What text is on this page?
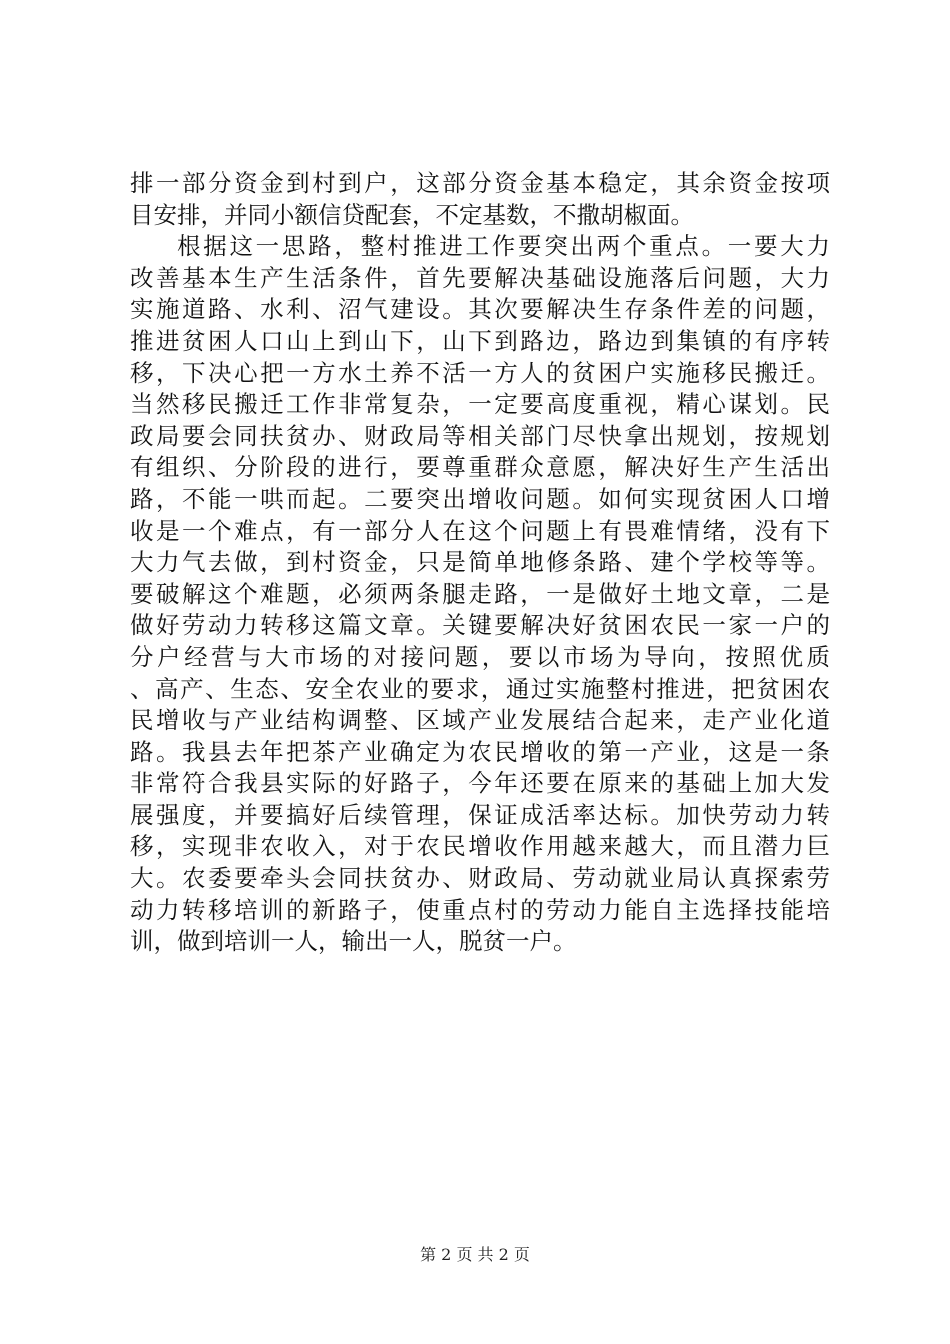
排一部分资金到村到户，这部分资金基本稳定，其余资金按项
目安排，并同小额信贷配套，不定基数，不撒胡椒面。
根据这一思路，整村推进工作要突出两个重点。一要大力
改善基本生产生活条件，首先要解决基础设施落后问题，大力
实施道路、水利、沼气建设。其次要解决生存条件差的问题，
推进贫困人口山上到山下，山下到路边，路边到集镇的有序转
移，下决心把一方水土养不活一方人的贫困户实施移民搬迁。
当然移民搬迁工作非常复杂，一定要高度重视，精心谋划。民
政局要会同扶贫办、财政局等相关部门尽快拿出规划，按规划
有组织、分阶段的进行，要尊重群众意愿，解决好生产生活出
路，不能一哄而起。二要突出增收问题。如何实现贫困人口增
收是一个难点，有一部分人在这个问题上有畏难情绪，没有下
大力气去做，到村资金，只是简单地修条路、建个学校等等。
要破解这个难题，必须两条腿走路，一是做好土地文章，二是
做好劳动力转移这篇文章。关键要解决好贫困农民一家一户的
分户经营与大市场的对接问题，要以市场为导向，按照优质
、高产、生态、安全农业的要求，通过实施整村推进，把贫困农
民增收与产业结构调整、区域产业发展结合起来，走产业化道
路。我县去年把茶产业确定为农民增收的第一产业，这是一条
非常符合我县实际的好路子，今年还要在原来的基础上加大发
展强度，并要搞好后续管理，保证成活率达标。加快劳动力转
移，实现非农收入，对于农民增收作用越来越大，而且潜力巨
大。农委要牵头会同扶贫办、财政局、劳动就业局认真探索劳
动力转移培训的新路子，使重点村的劳动力能自主选择技能培
训，做到培训一人，输出一人，脱贫一户。
第 2 页 共 2 页
